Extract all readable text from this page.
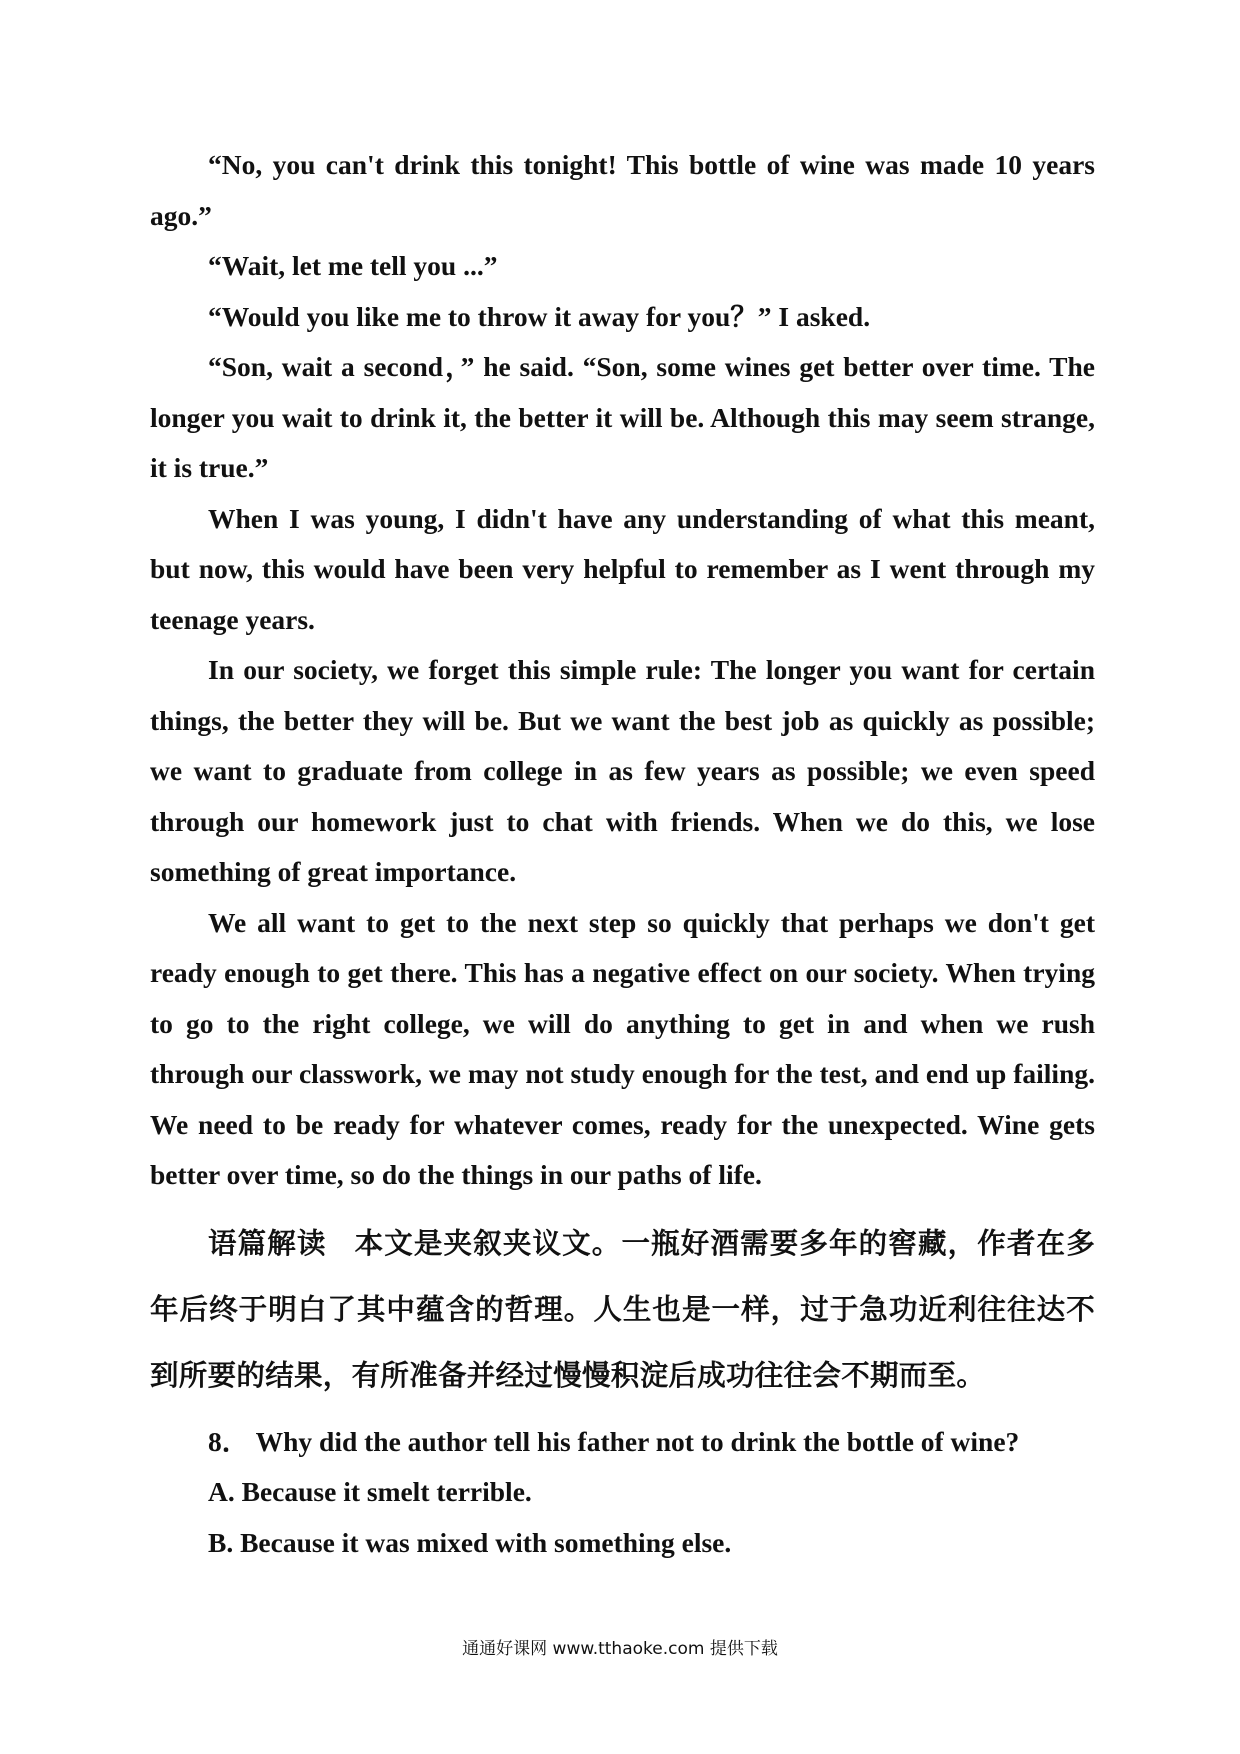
“No, you can't drink this tonight! This bottle of wine was made 10 years ago.”

“Wait, let me tell you ...”

“Would you like me to throw it away for you？” I asked.

“Son, wait a second，” he said. “Son, some wines get better over time. The longer you wait to drink it, the better it will be. Although this may seem strange, it is true.”

When I was young, I didn't have any understanding of what this meant, but now, this would have been very helpful to remember as I went through my teenage years.

In our society, we forget this simple rule: The longer you want for certain things, the better they will be. But we want the best job as quickly as possible; we want to graduate from college in as few years as possible; we even speed through our homework just to chat with friends. When we do this, we lose something of great importance.

We all want to get to the next step so quickly that perhaps we don't get ready enough to get there. This has a negative effect on our society. When trying to go to the right college, we will do anything to get in and when we rush through our classwork, we may not study enough for the test, and end up failing. We need to be ready for whatever comes, ready for the unexpected. Wine gets better over time, so do the things in our paths of life.

语篇解读 本文是夹叙夹议文。一瓶好酒需要多年的窖藏，作者在多年后终于明白了其中蕴含的哲理。人生也是一样，过于急功近利往往达不到所要的结果，有所准备并经过慢慢积淀后成功往往会不期而至。

8． Why did the author tell his father not to drink the bottle of wine?

A. Because it smelt terrible.

B. Because it was mixed with something else.

通通好课网 www.tthaoke.com 提供下载
